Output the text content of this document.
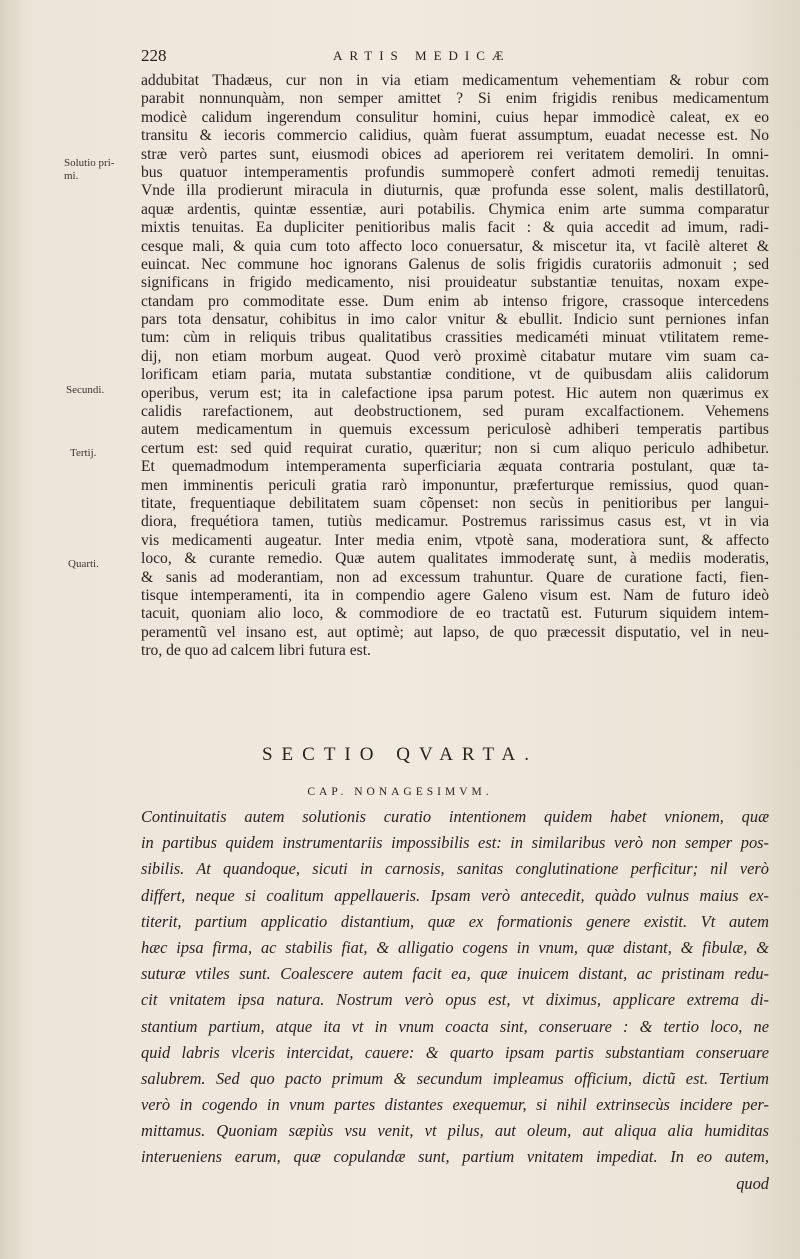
228	ARTIS MEDICÆ
Solutio pri- mi.
Secundi.
Tertij.
Quarti.
addubitat Thadæus, cur non in via etiam medicamentum vehementiam & robur com
parabit nonnunquàm, non semper amittet ? Si enim frigidis renibus medicamentum
modicè calidum ingerendum consulitur homini, cuius hepar immodicè caleat, ex eo
transitu & iecoris commercio calidius, quàm fuerat assumptum, euadat necesse est. No
stræ verò partes sunt, eiusmodi obices ad aperiorem rei veritatem demoliri. In omni-
bus quatuor intemperamentis profundis summoperè confert admoti remedij tenuitas.
Vnde illa prodierunt miracula in diuturnis, quæ profunda esse solent, malis destillatorû,
aquæ ardentis, quintæ essentiæ, auri potabilis. Chymica enim arte summa comparatur
mixtis tenuitas. Ea dupliciter penitioribus malis facit : & quia accedit ad imum, radi-
cesque mali, & quia cum toto affecto loco conuersatur, & miscetur ita, vt facilè alteret &
euincat. Nec commune hoc ignorans Galenus de solis frigidis curatoriis admonuit ; sed
significans in frigido medicamento, nisi prouideatur substantiæ tenuitas, noxam expe-
ctandam pro commoditate esse. Dum enim ab intenso frigore, crassoque intercedens
pars tota densatur, cohibitus in imo calor vnitur & ebullit. Indicio sunt perniones infan
tum: cùm in reliquis tribus qualitatibus crassities medicaméti minuat vtilitatem reme-
dij, non etiam morbum augeat. Quod verò proximè citabatur mutare vim suam ca-
lorificam etiam paria, mutata substantiæ conditione, vt de quibusdam aliis calidorum
operibus, verum est; ita in calefactione ipsa parum potest. Hic autem non quærimus ex
calidis rarefactionem, aut deobstructionem, sed puram excalfactionem. Vehemens
autem medicamentum in quemuis excessum periculosè adhiberi temperatis partibus
certum est: sed quid requirat curatio, quæritur; non si cum aliquo periculo adhibetur.
Et quemadmodum intemperamenta superficiaria æquata contraria postulant, quæ ta-
men imminentis periculi gratia rarò imponuntur, præferturque remissius, quod quan-
titate, frequentiaque debilitatem suam cõpenset: non secùs in penitioribus per langui-
diora, frequétiora tamen, tutiùs medicamur. Postremus rarissimus casus est, vt in via
vis medicamenti augeatur. Inter media enim, vtpotè sana, moderatiora sunt, & affecto
loco, & curante remedio. Quæ autem qualitates immoderatę sunt, à mediis moderatis,
& sanis ad moderantiam, non ad excessum trahuntur. Quare de curatione facti, fien-
tisque intemperamenti, ita in compendio agere Galeno visum est. Nam de futuro ideò
tacuit, quoniam alio loco, & commodiore de eo tractatũ est. Futurum siquidem intem-
peramentũ vel insano est, aut optimè; aut lapso, de quo præcessit disputatio, vel in neu-
tro, de quo ad calcem libri futura est.
SECTIO QVARTA.
CAP. NONAGESIMVM.
Continuitatis autem solutionis curatio intentionem quidem habet vnionem, quæ
in partibus quidem instrumentariis impossibilis est: in similaribus verò non semper pos-
sibilis. At quandoque, sicuti in carnosis, sanitas conglutinatione perficitur; nil verò
differt, neque si coalitum appellaueris. Ipsam verò antecedit, quàdo vulnus maius ex-
titerit, partium applicatio distantium, quæ ex formationis genere existit. Vt autem
hæc ipsa firma, ac stabilis fiat, & alligatio cogens in vnum, quæ distant, & fibulæ, &
suturæ vtiles sunt. Coalescere autem facit ea, quæ inuicem distant, ac pristinam redu-
cit vnitatem ipsa natura. Nostrum verò opus est, vt diximus, applicare extrema di-
stantium partium, atque ita vt in vnum coacta sint, conseruare : & tertio loco, ne
quid labris vlceris intercidat, cauere: & quarto ipsam partis substantiam conseruare
salubrem. Sed quo pacto primum & secundum impleamus officium, dictũ est. Tertium
verò in cogendo in vnum partes distantes exequemur, si nihil extrinsecùs incidere per-
mittamus. Quoniam sæpiùs vsu venit, vt pilus, aut oleum, aut aliqua alia humiditas
interueniens earum, quæ copulandæ sunt, partium vnitatem impediat. In eo autem,
quod
